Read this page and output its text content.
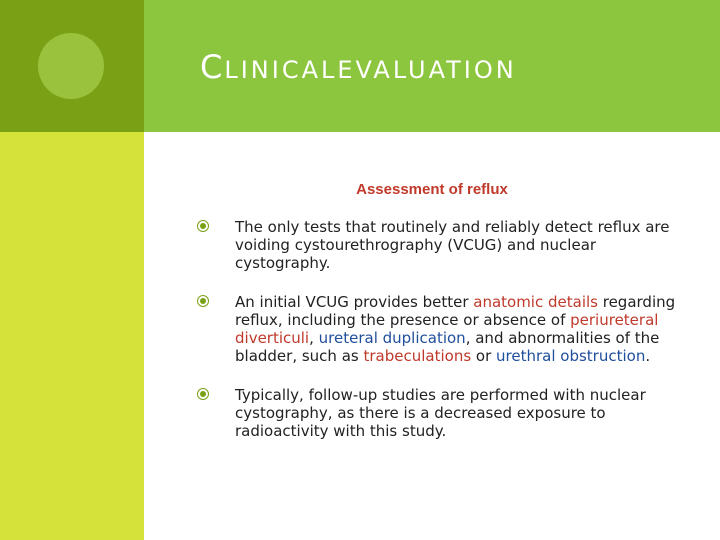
CLINICALEVALUATION
Assessment of reflux
The only tests that routinely and reliably detect reflux are voiding cystourethrography (VCUG) and nuclear cystography.
An initial VCUG provides better anatomic details regarding reflux, including the presence or absence of periureteral diverticuli, ureteral duplication, and abnormalities of the bladder, such as trabeculations or urethral obstruction.
Typically, follow-up studies are performed with nuclear cystography, as there is a decreased exposure to radioactivity with this study.
